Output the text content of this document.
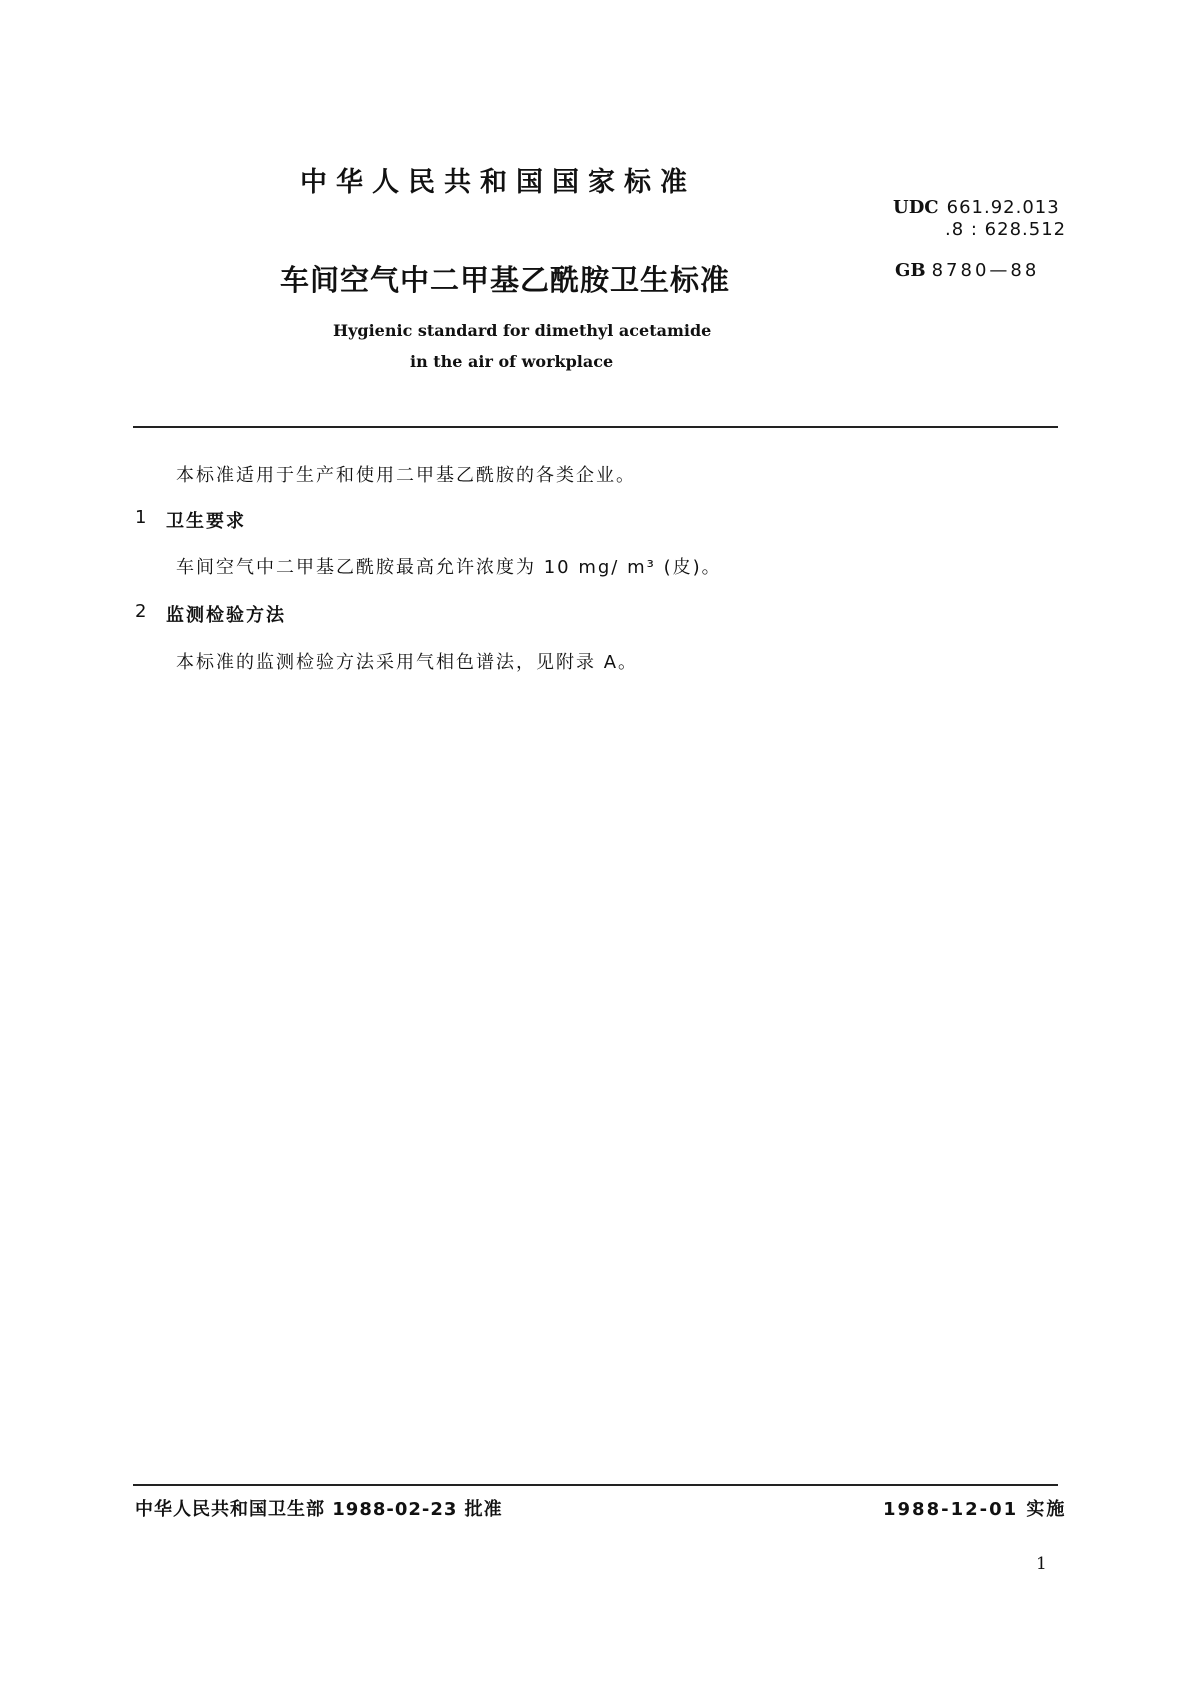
中华人民共和国国家标准
UDC 661.92.013
.8 : 628.512
GB 8780—88
车间空气中二甲基乙酰胺卫生标准
Hygienic standard for dimethyl acetamide
in the air of workplace
本标准适用于生产和使用二甲基乙酰胺的各类企业。
1 卫生要求
车间空气中二甲基乙酰胺最高允许浓度为 10 mg/ m³ (皮)。
2 监测检验方法
本标准的监测检验方法采用气相色谱法，见附录 A。
中华人民共和国卫生部 1988-02-23 批准	1988-12-01 实施
1
